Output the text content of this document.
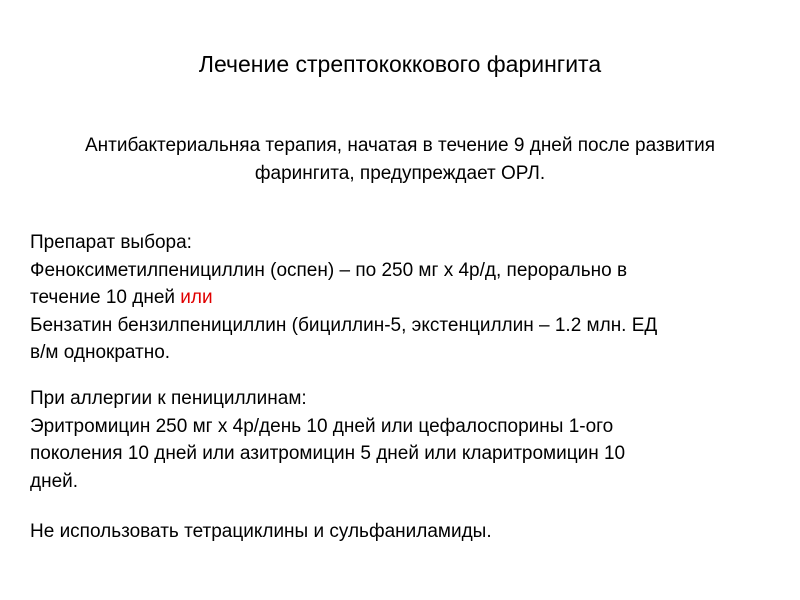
Лечение стрептококкового фарингита
Антибактериальняа терапия, начатая в течение 9 дней после развития
фарингита, предупреждает ОРЛ.
Препарат выбора:
Феноксиметилпенициллин (оспен) – по 250 мг х 4р/д, перорально в
течение 10 дней или
Бензатин бензилпенициллин (бициллин-5, экстенциллин – 1.2 млн. ЕД
в/м однократно.
При аллергии к пенициллинам:
Эритромицин 250 мг х 4р/день 10 дней или цефалоспорины 1-ого
поколения 10 дней или азитромицин 5 дней или кларитромицин 10
дней.
Не использовать тетрациклины и сульфаниламиды.
